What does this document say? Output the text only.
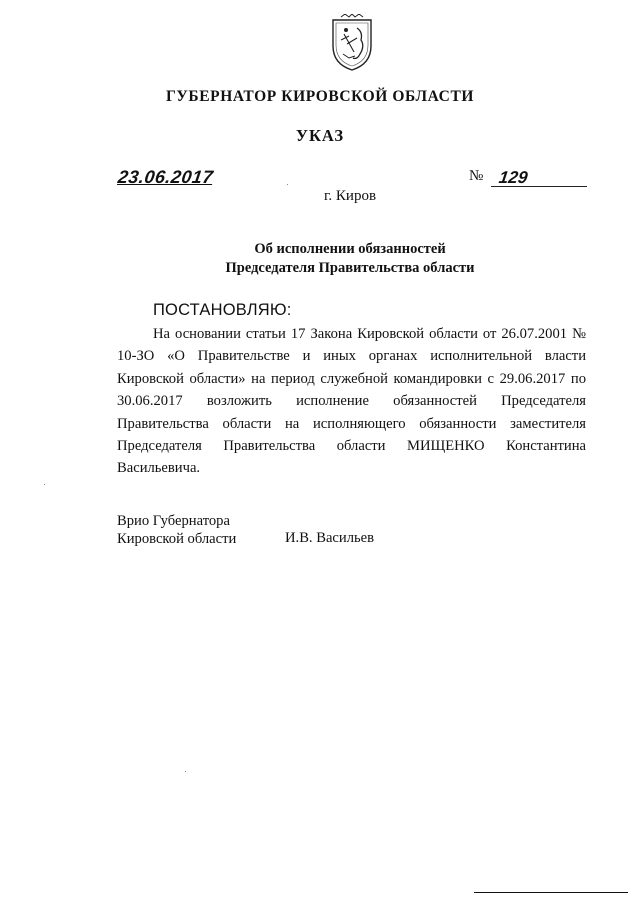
ГУБЕРНАТОР КИРОВСКОЙ ОБЛАСТИ
УКАЗ
23.06.2017	№ 129
г. Киров
Об исполнении обязанностей
Председателя Правительства области
ПОСТАНОВЛЯЮ:
На основании статьи 17 Закона Кировской области от 26.07.2001 № 10-ЗО «О Правительстве и иных органах исполнительной власти Кировской области» на период служебной командировки с 29.06.2017 по 30.06.2017 возложить исполнение обязанностей Председателя Правительства области на исполняющего обязанности заместителя Председателя Правительства области МИЩЕНКО Константина Васильевича.
Врио Губернатора
Кировской области	И.В. Васильев
